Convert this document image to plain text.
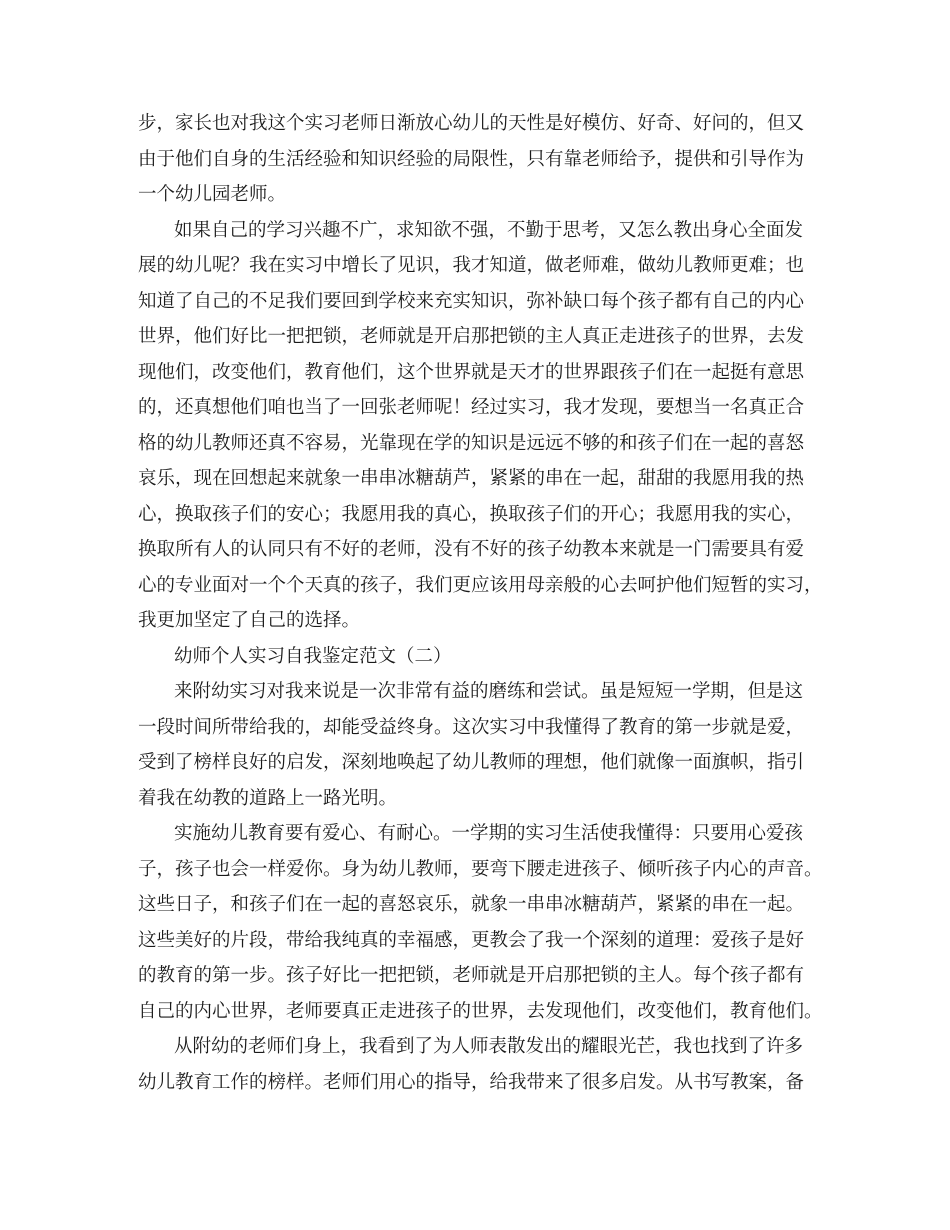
步，家长也对我这个实习老师日渐放心幼儿的天性是好模仿、好奇、好问的，但又
由于他们自身的生活经验和知识经验的局限性，只有靠老师给予，提供和引导作为
一个幼儿园老师。
如果自己的学习兴趣不广，求知欲不强，不勤于思考，又怎么教出身心全面发
展的幼儿呢？我在实习中增长了见识，我才知道，做老师难，做幼儿教师更难；也
知道了自己的不足我们要回到学校来充实知识，弥补缺口每个孩子都有自己的内心
世界，他们好比一把把锁，老师就是开启那把锁的主人真正走进孩子的世界，去发
现他们，改变他们，教育他们，这个世界就是天才的世界跟孩子们在一起挺有意思
的，还真想他们咱也当了一回张老师呢！经过实习，我才发现，要想当一名真正合
格的幼儿教师还真不容易，光靠现在学的知识是远远不够的和孩子们在一起的喜怒
哀乐，现在回想起来就象一串串冰糖葫芦，紧紧的串在一起，甜甜的我愿用我的热
心，换取孩子们的安心；我愿用我的真心，换取孩子们的开心；我愿用我的实心，
换取所有人的认同只有不好的老师，没有不好的孩子幼教本来就是一门需要具有爱
心的专业面对一个个天真的孩子，我们更应该用母亲般的心去呵护他们短暂的实习，
我更加坚定了自己的选择。
幼师个人实习自我鉴定范文（二）
来附幼实习对我来说是一次非常有益的磨练和尝试。虽是短短一学期，但是这
一段时间所带给我的，却能受益终身。这次实习中我懂得了教育的第一步就是爱，
受到了榜样良好的启发，深刻地唤起了幼儿教师的理想，他们就像一面旗帜，指引
着我在幼教的道路上一路光明。
实施幼儿教育要有爱心、有耐心。一学期的实习生活使我懂得：只要用心爱孩
子，孩子也会一样爱你。身为幼儿教师，要弯下腰走进孩子、倾听孩子内心的声音。
这些日子，和孩子们在一起的喜怒哀乐，就象一串串冰糖葫芦，紧紧的串在一起。
这些美好的片段，带给我纯真的幸福感，更教会了我一个深刻的道理：爱孩子是好
的教育的第一步。孩子好比一把把锁，老师就是开启那把锁的主人。每个孩子都有
自己的内心世界，老师要真正走进孩子的世界，去发现他们，改变他们，教育他们。
从附幼的老师们身上，我看到了为人师表散发出的耀眼光芒，我也找到了许多
幼儿教育工作的榜样。老师们用心的指导，给我带来了很多启发。从书写教案，备
